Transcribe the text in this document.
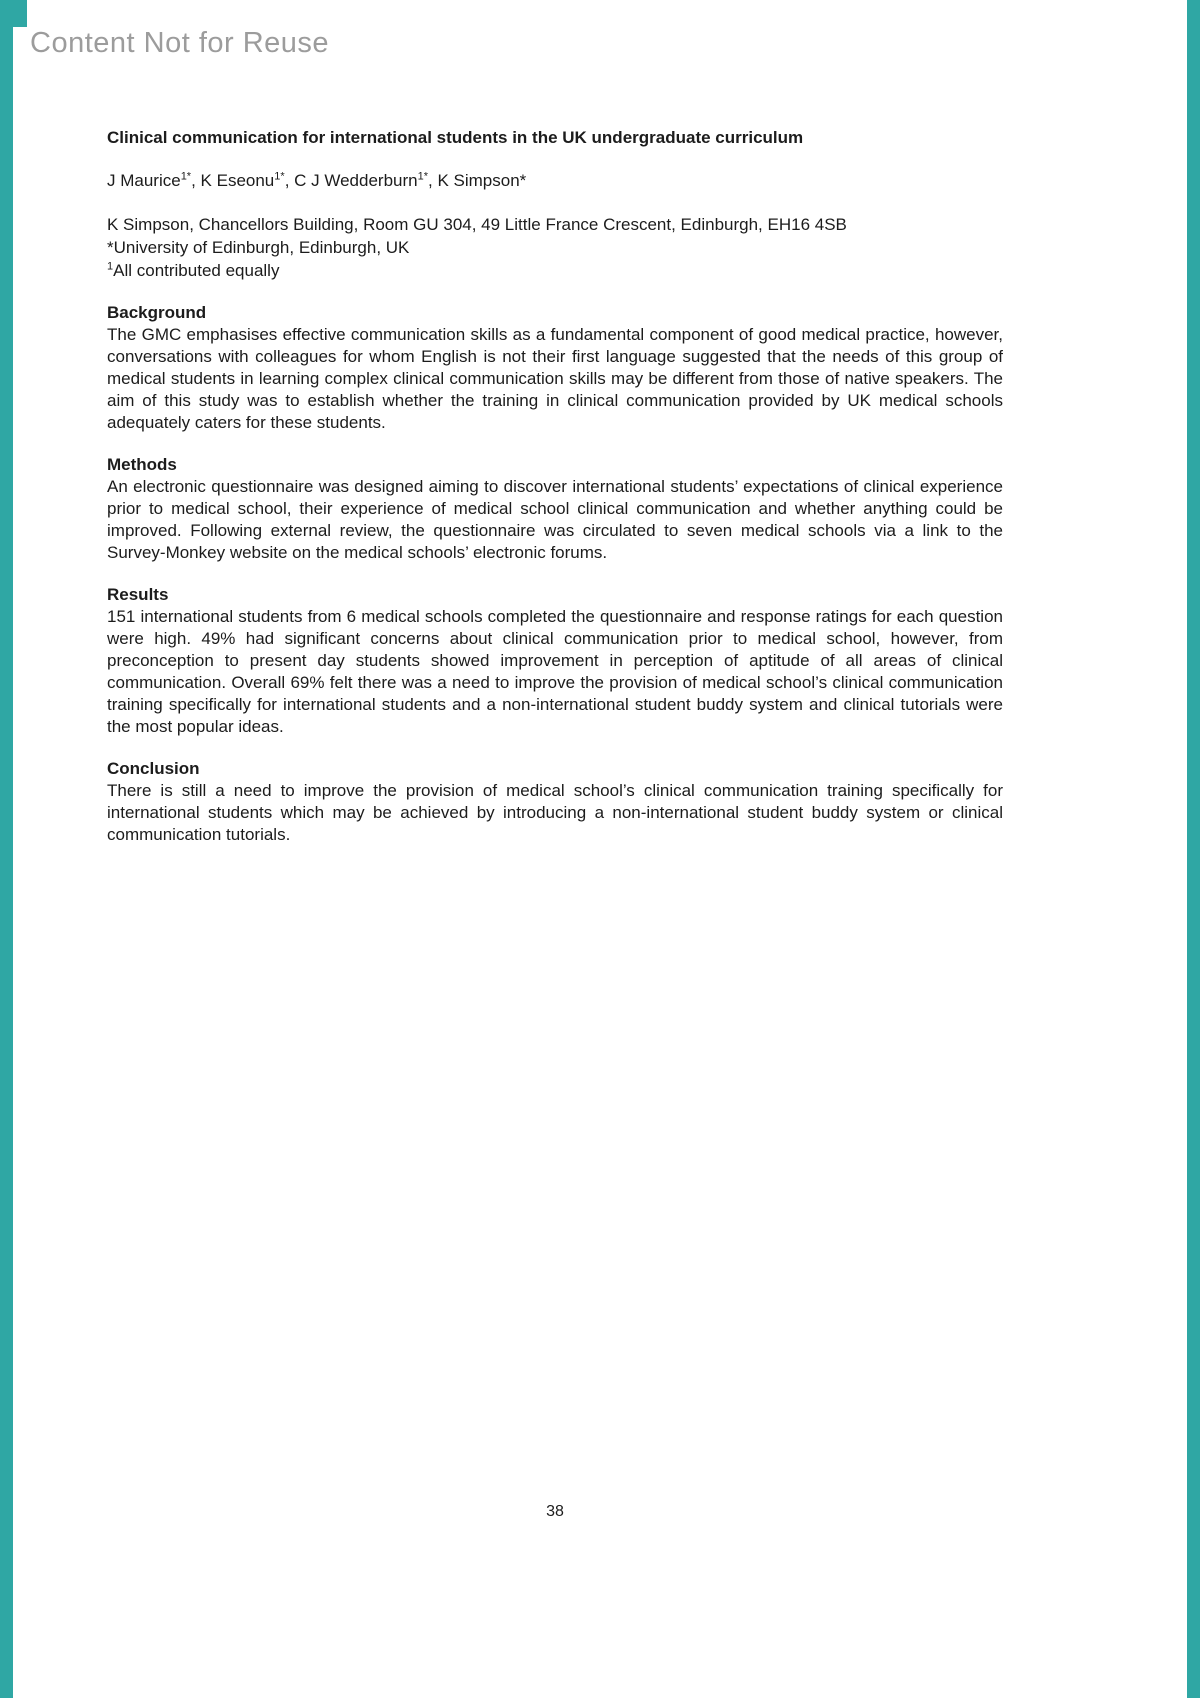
Content Not for Reuse
Clinical communication for international students in the UK undergraduate curriculum
J Maurice$^{1*}$, K Eseonu$^{1*}$, C J Wedderburn$^{1*}$, K Simpson*
K Simpson, Chancellors Building, Room GU 304, 49 Little France Crescent, Edinburgh, EH16 4SB
*University of Edinburgh, Edinburgh, UK
$^1$All contributed equally
Background
The GMC emphasises effective communication skills as a fundamental component of good medical practice, however, conversations with colleagues for whom English is not their first language suggested that the needs of this group of medical students in learning complex clinical communication skills may be different from those of native speakers. The aim of this study was to establish whether the training in clinical communication provided by UK medical schools adequately caters for these students.
Methods
An electronic questionnaire was designed aiming to discover international students’ expectations of clinical experience prior to medical school, their experience of medical school clinical communication and whether anything could be improved. Following external review, the questionnaire was circulated to seven medical schools via a link to the Survey-Monkey website on the medical schools’ electronic forums.
Results
151 international students from 6 medical schools completed the questionnaire and response ratings for each question were high. 49% had significant concerns about clinical communication prior to medical school, however, from preconception to present day students showed improvement in perception of aptitude of all areas of clinical communication. Overall 69% felt there was a need to improve the provision of medical school’s clinical communication training specifically for international students and a non-international student buddy system and clinical tutorials were the most popular ideas.
Conclusion
There is still a need to improve the provision of medical school’s clinical communication training specifically for international students which may be achieved by introducing a non-international student buddy system or clinical communication tutorials.
38
